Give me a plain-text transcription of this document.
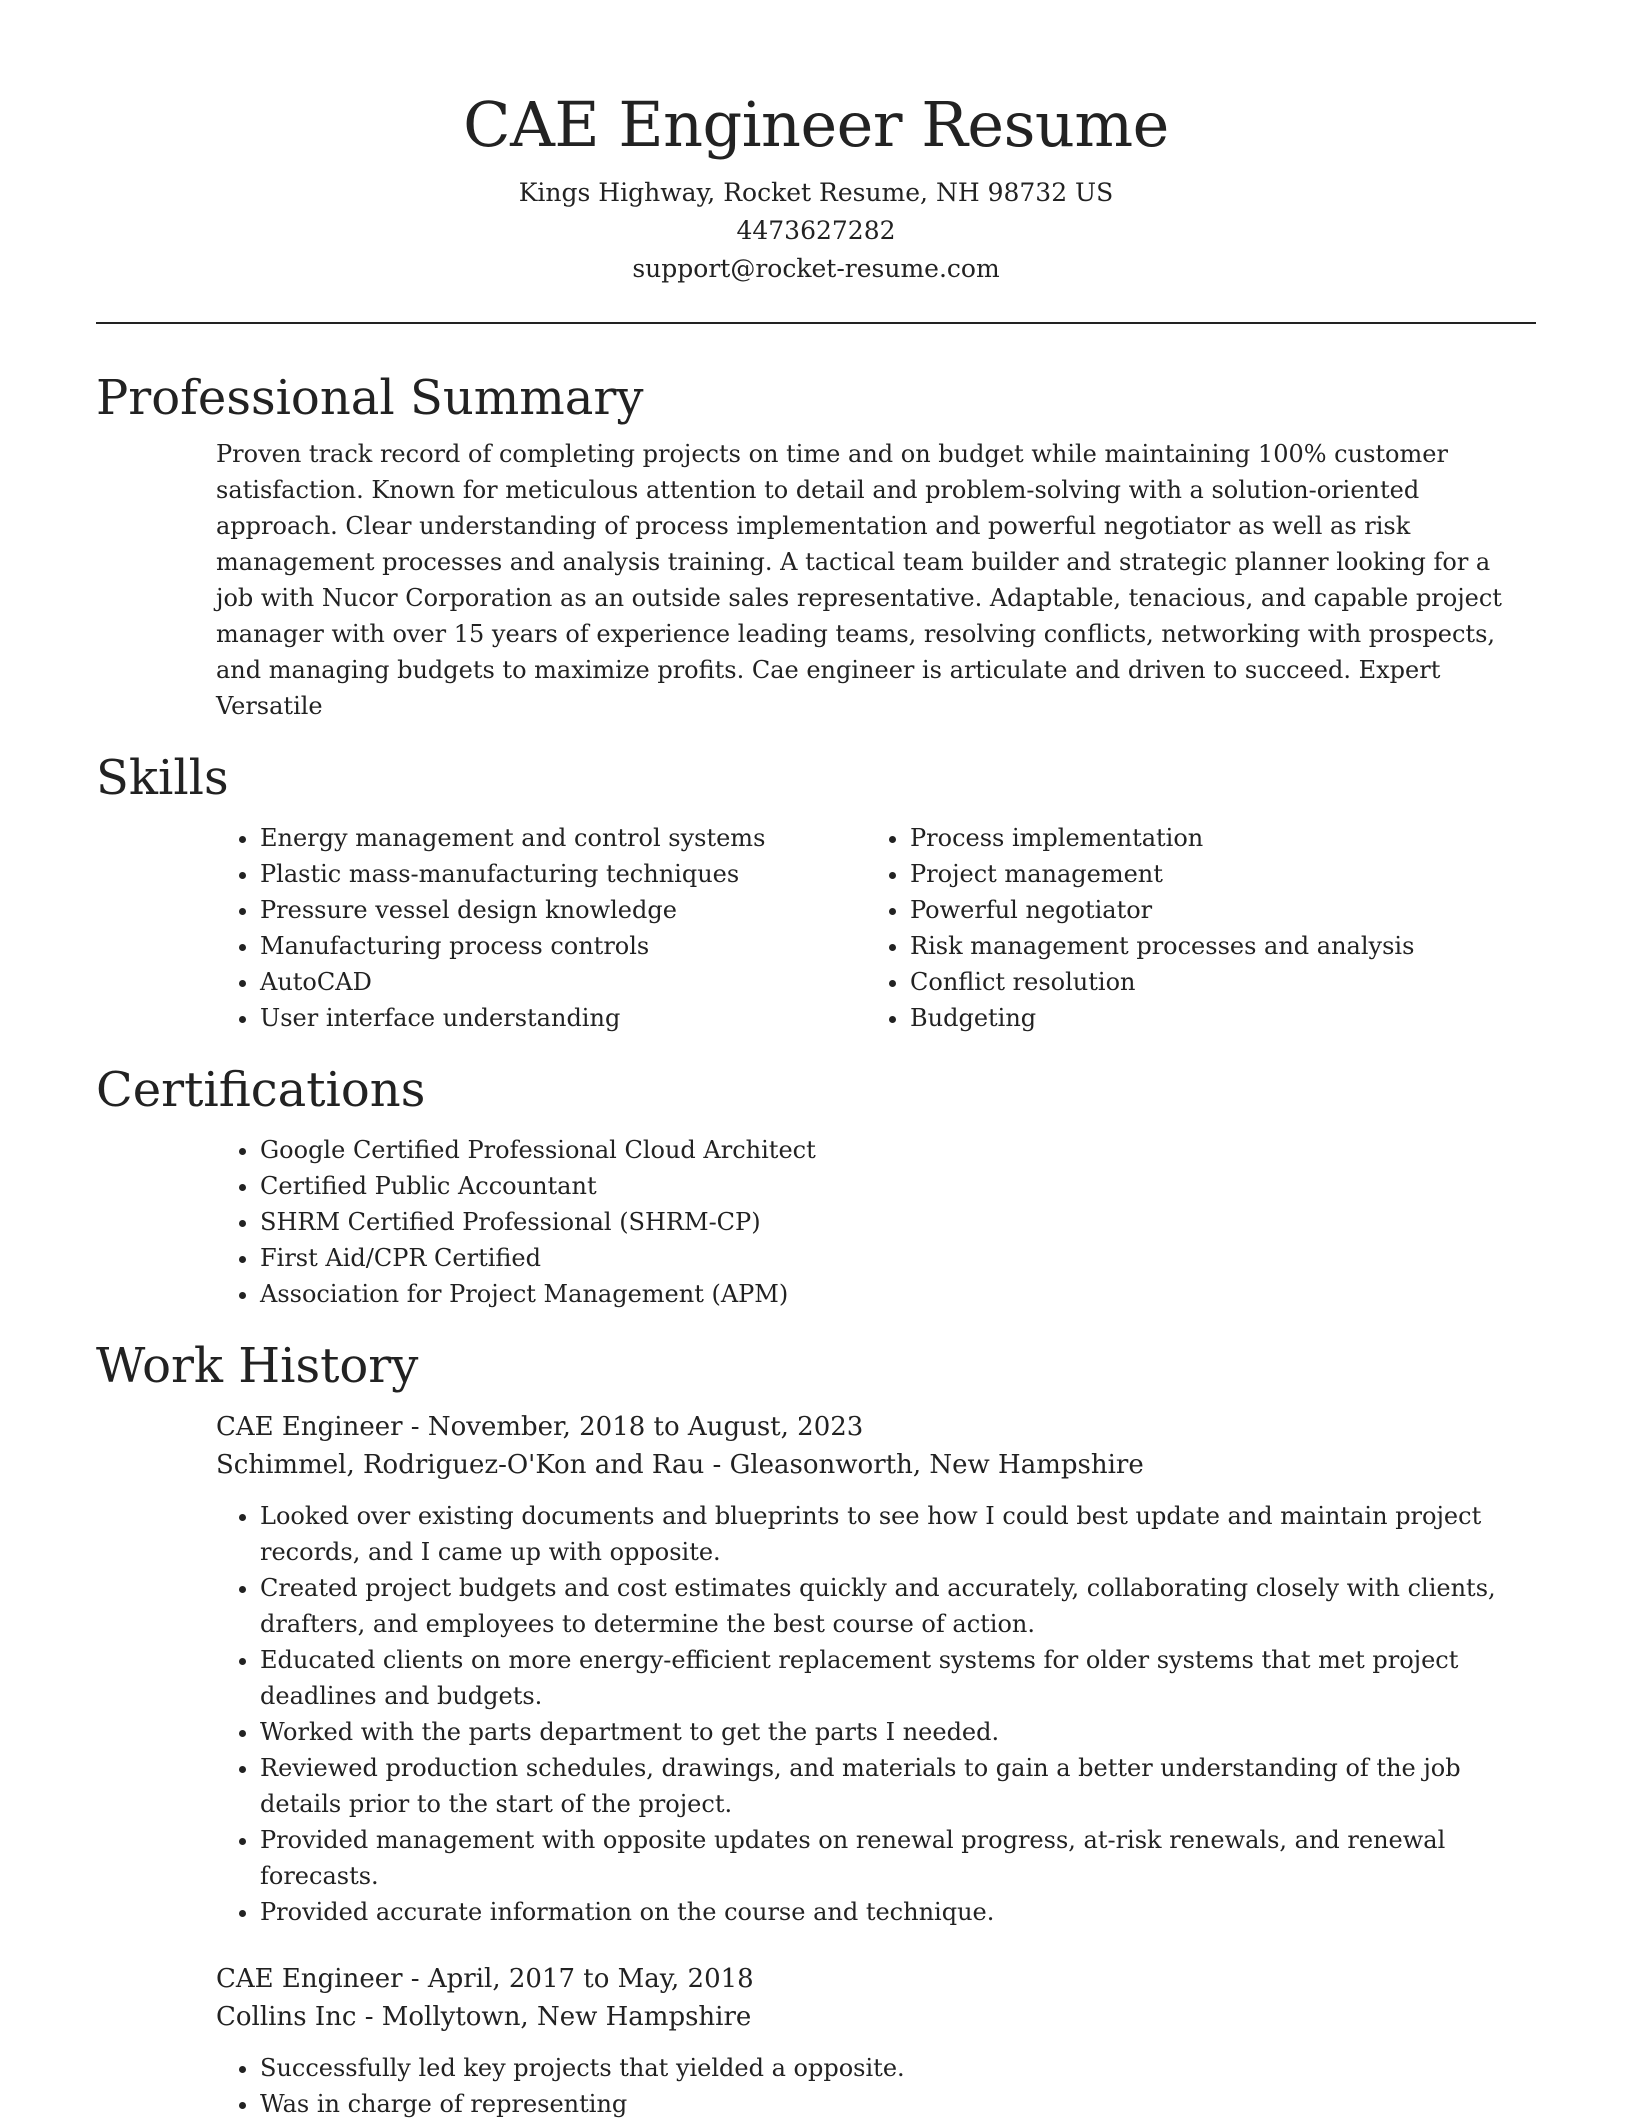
CAE Engineer Resume
Kings Highway, Rocket Resume, NH 98732 US
4473627282
support@rocket-resume.com
Professional Summary

Proven track record of completing projects on time and on budget while maintaining 100% customer satisfaction. Known for meticulous attention to detail and problem-solving with a solution-oriented approach. Clear understanding of process implementation and powerful negotiator as well as risk management processes and analysis training. A tactical team builder and strategic planner looking for a job with Nucor Corporation as an outside sales representative. Adaptable, tenacious, and capable project manager with over 15 years of experience leading teams, resolving conflicts, networking with prospects, and managing budgets to maximize profits. Cae engineer is articulate and driven to succeed. Expert Versatile

Skills
• Energy management and control systems
• Plastic mass-manufacturing techniques
• Pressure vessel design knowledge
• Manufacturing process controls
• AutoCAD
• User interface understanding
• Process implementation
• Project management
• Powerful negotiator
• Risk management processes and analysis
• Conflict resolution
• Budgeting
Certifications
• Google Certified Professional Cloud Architect
• Certified Public Accountant
• SHRM Certified Professional (SHRM-CP)
• First Aid/CPR Certified
• Association for Project Management (APM)
Work History
CAE Engineer - November, 2018 to August, 2023
Schimmel, Rodriguez-O'Kon and Rau - Gleasonworth, New Hampshire
• Looked over existing documents and blueprints to see how I could best update and maintain project records, and I came up with opposite.
• Created project budgets and cost estimates quickly and accurately, collaborating closely with clients, drafters, and employees to determine the best course of action.
• Educated clients on more energy-efficient replacement systems for older systems that met project deadlines and budgets.
• Worked with the parts department to get the parts I needed.
• Reviewed production schedules, drawings, and materials to gain a better understanding of the job details prior to the start of the project.
• Provided management with opposite updates on renewal progress, at-risk renewals, and renewal forecasts.
• Provided accurate information on the course and technique.
CAE Engineer - April, 2017 to May, 2018
Collins Inc - Mollytown, New Hampshire
• Successfully led key projects that yielded a opposite.
• Was in charge of representing
